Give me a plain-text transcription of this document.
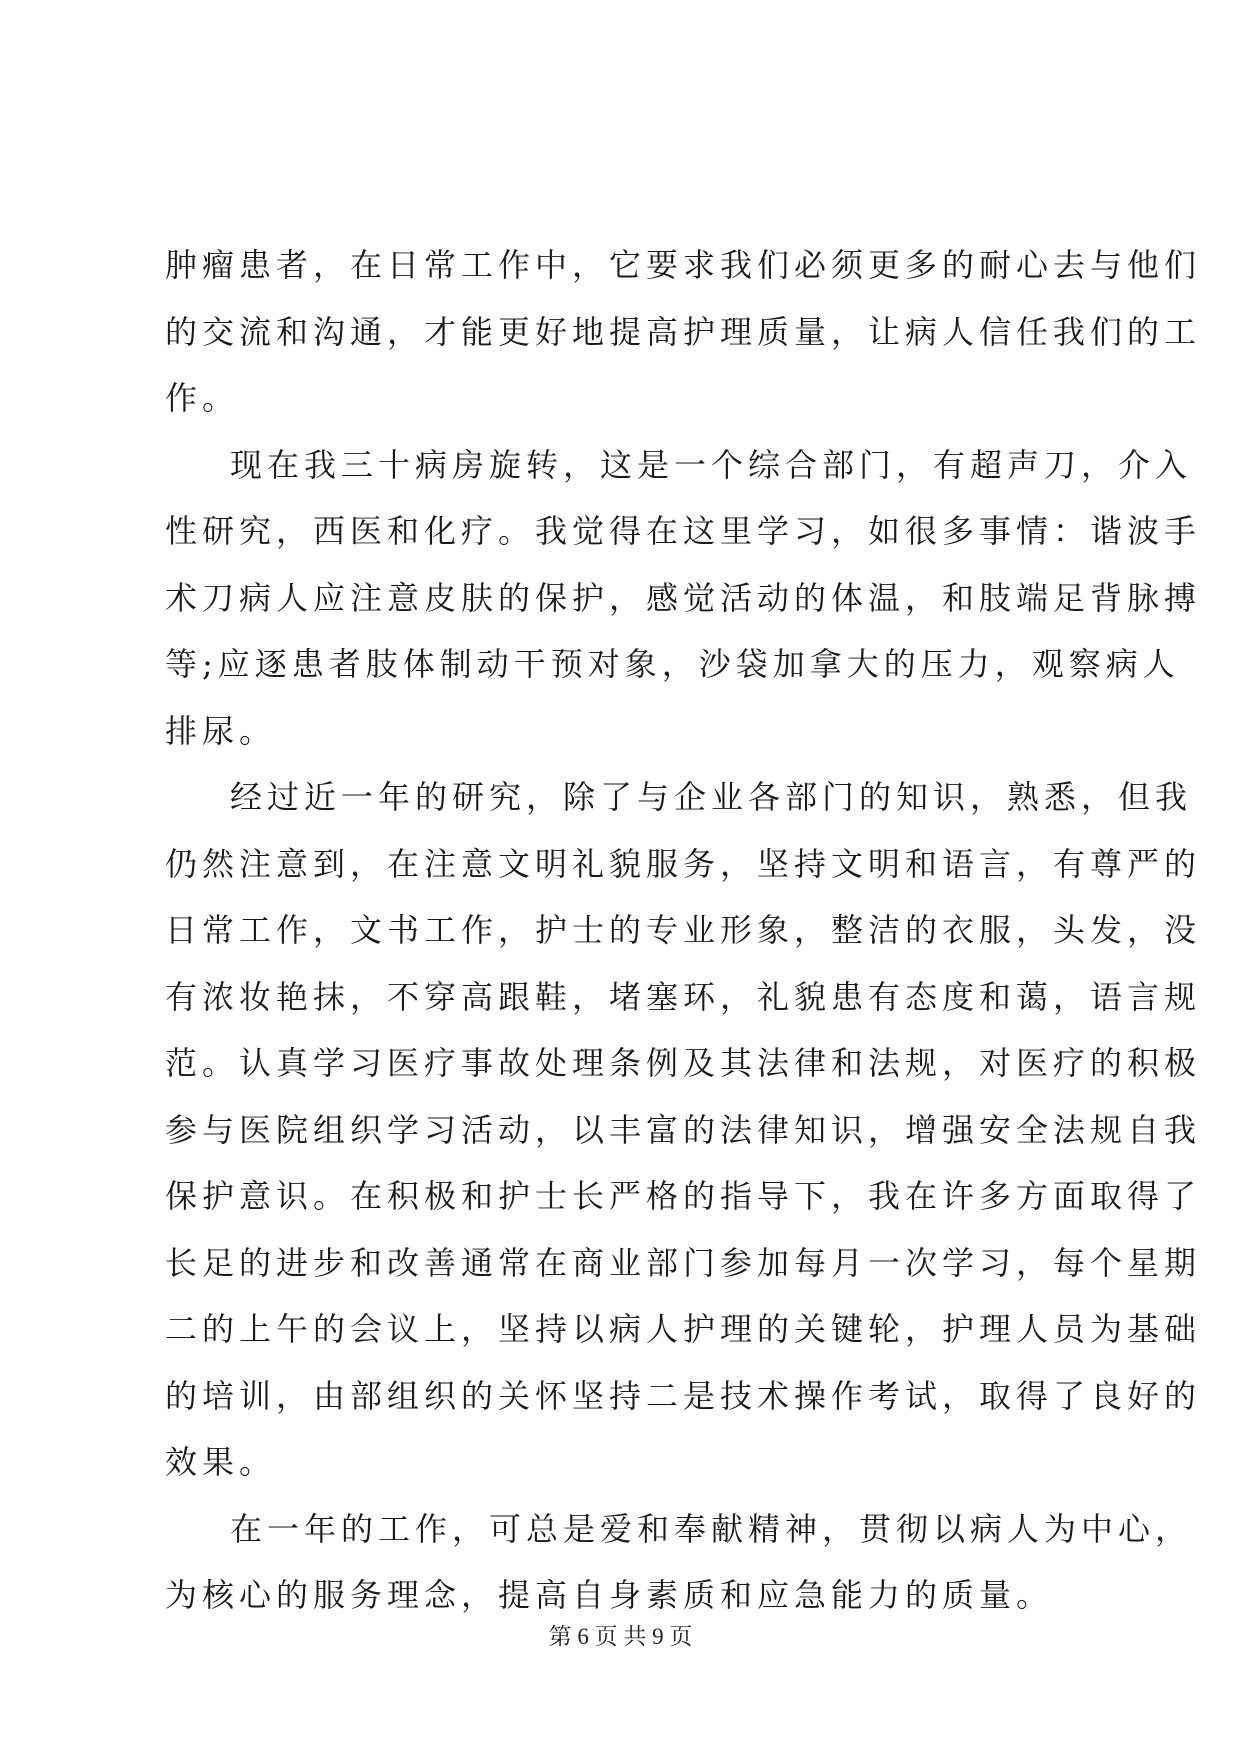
肿瘤患者，在日常工作中，它要求我们必须更多的耐心去与他们
的交流和沟通，才能更好地提高护理质量，让病人信任我们的工
作。
现在我三十病房旋转，这是一个综合部门，有超声刀，介入
性研究，西医和化疗。我觉得在这里学习，如很多事情：谐波手
术刀病人应注意皮肤的保护，感觉活动的体温，和肢端足背脉搏
等;应逐患者肢体制动干预对象，沙袋加拿大的压力，观察病人
排尿。
经过近一年的研究，除了与企业各部门的知识，熟悉，但我
仍然注意到，在注意文明礼貌服务，坚持文明和语言，有尊严的
日常工作，文书工作，护士的专业形象，整洁的衣服，头发，没
有浓妆艳抹，不穿高跟鞋，堵塞环，礼貌患有态度和蔼，语言规
范。认真学习医疗事故处理条例及其法律和法规，对医疗的积极
参与医院组织学习活动，以丰富的法律知识，增强安全法规自我
保护意识。在积极和护士长严格的指导下，我在许多方面取得了
长足的进步和改善通常在商业部门参加每月一次学习，每个星期
二的上午的会议上，坚持以病人护理的关键轮，护理人员为基础
的培训，由部组织的关怀坚持二是技术操作考试，取得了良好的
效果。
在一年的工作，可总是爱和奉献精神，贯彻以病人为中心，
为核心的服务理念，提高自身素质和应急能力的质量。
第 6 页 共 9 页
